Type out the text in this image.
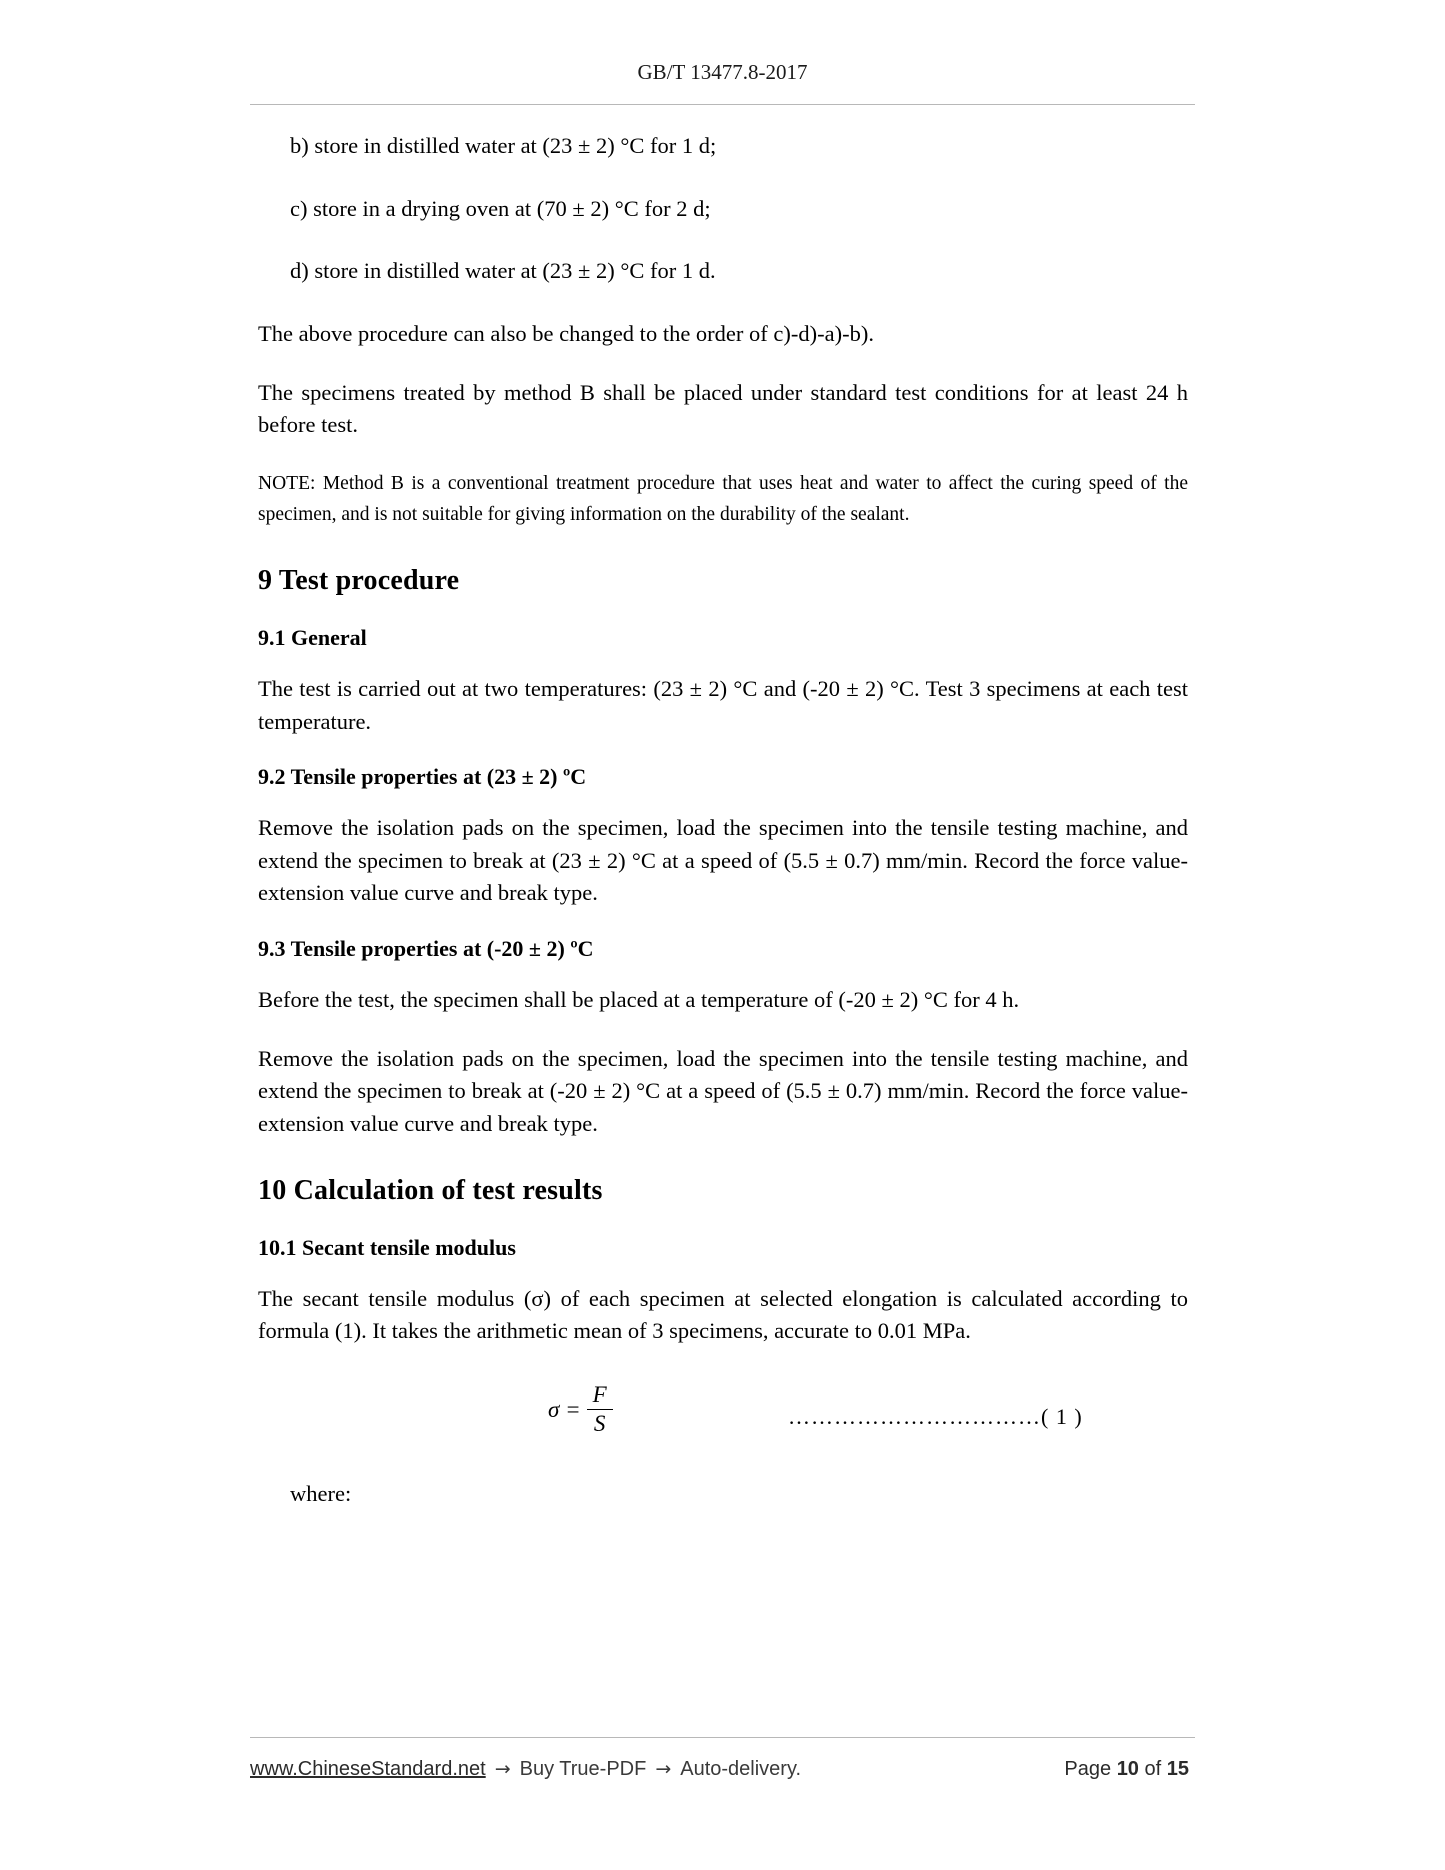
GB/T 13477.8-2017

b) store in distilled water at (23 ± 2) °C for 1 d;

c) store in a drying oven at (70 ± 2) °C for 2 d;

d) store in distilled water at (23 ± 2) °C for 1 d.

The above procedure can also be changed to the order of c)-d)-a)-b).

The specimens treated by method B shall be placed under standard test conditions for at least 24 h before test.

NOTE: Method B is a conventional treatment procedure that uses heat and water to affect the curing speed of the specimen, and is not suitable for giving information on the durability of the sealant.

9 Test procedure
9.1 General

The test is carried out at two temperatures: (23 ± 2) °C and (-20 ± 2) °C. Test 3 specimens at each test temperature.

9.2 Tensile properties at (23 ± 2) ºC

Remove the isolation pads on the specimen, load the specimen into the tensile testing machine, and extend the specimen to break at (23 ± 2) °C at a speed of (5.5 ± 0.7) mm/min. Record the force value-extension value curve and break type.

9.3 Tensile properties at (-20 ± 2) ºC

Before the test, the specimen shall be placed at a temperature of (-20 ± 2) °C for 4 h.

Remove the isolation pads on the specimen, load the specimen into the tensile testing machine, and extend the specimen to break at (-20 ± 2) °C at a speed of (5.5 ± 0.7) mm/min. Record the force value-extension value curve and break type.

10 Calculation of test results
10.1 Secant tensile modulus

The secant tensile modulus (σ) of each specimen at selected elongation is calculated according to formula (1). It takes the arithmetic mean of 3 specimens, accurate to 0.01 MPa.

$\sigma = \frac{F}{S}$	……………………………( 1 )

where:

www.ChineseStandard.net → Buy True-PDF → Auto-delivery.	Page 10 of 15
